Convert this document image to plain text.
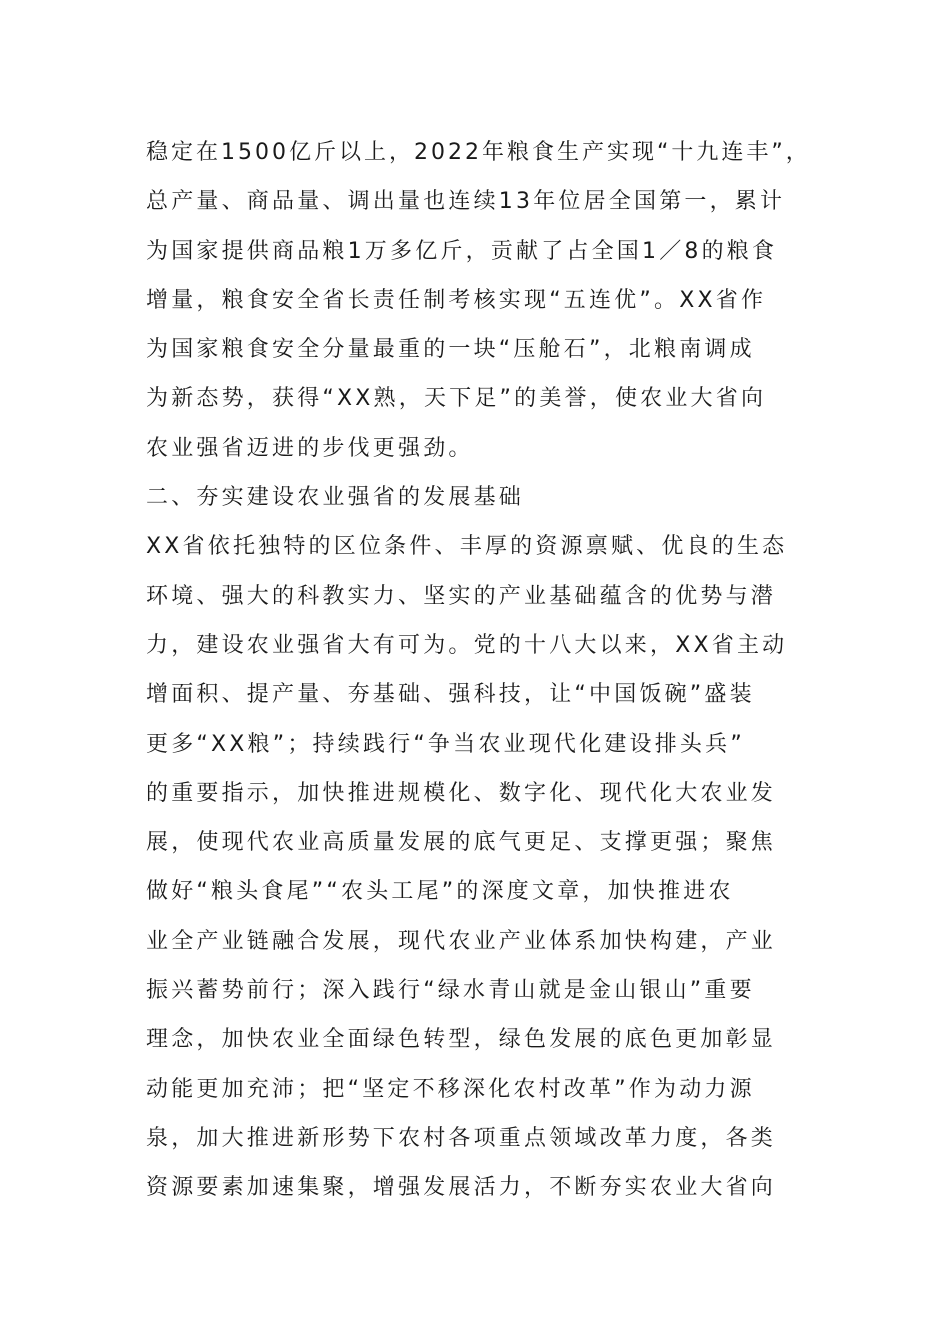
稳定在1500亿斤以上，2022年粮食生产实现“十九连丰”，
总产量、商品量、调出量也连续13年位居全国第一，累计
为国家提供商品粮1万多亿斤，贡献了占全国1／8的粮食
增量，粮食安全省长责任制考核实现“五连优”。XX省作
为国家粮食安全分量最重的一块“压舱石”，北粮南调成
为新态势，获得“XX熟，天下足”的美誉，使农业大省向
农业强省迈进的步伐更强劲。
二、夯实建设农业强省的发展基础
XX省依托独特的区位条件、丰厚的资源禀赋、优良的生态
环境、强大的科教实力、坚实的产业基础蕴含的优势与潜
力，建设农业强省大有可为。党的十八大以来，XX省主动
增面积、提产量、夯基础、强科技，让“中国饭碗”盛装
更多“XX粮”；持续践行“争当农业现代化建设排头兵”
的重要指示，加快推进规模化、数字化、现代化大农业发
展，使现代农业高质量发展的底气更足、支撑更强；聚焦
做好“粮头食尾”“农头工尾”的深度文章，加快推进农
业全产业链融合发展，现代农业产业体系加快构建，产业
振兴蓄势前行；深入践行“绿水青山就是金山银山”重要
理念，加快农业全面绿色转型，绿色发展的底色更加彰显
动能更加充沛；把“坚定不移深化农村改革”作为动力源
泉，加大推进新形势下农村各项重点领域改革力度，各类
资源要素加速集聚，增强发展活力，不断夯实农业大省向
